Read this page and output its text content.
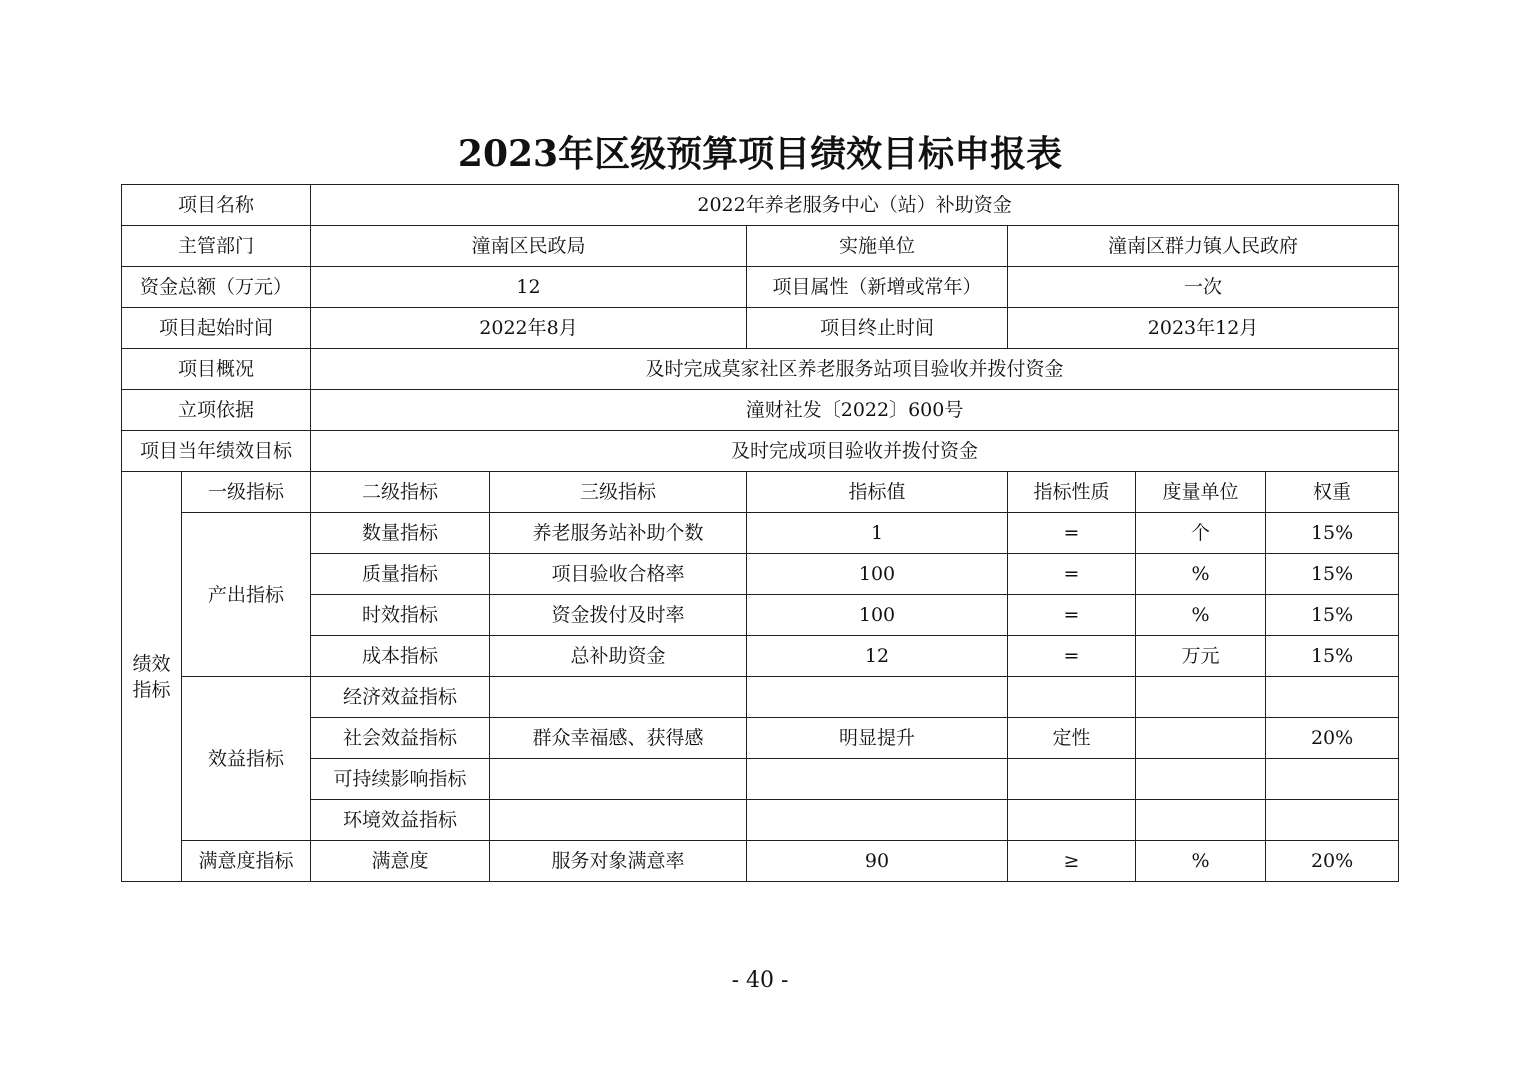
2023年区级预算项目绩效目标申报表
项目名称		2022年养老服务中心（站）补助资金					
主管部门		潼南区民政局		实施单位	潼南区群力镇人民政府		
资金总额（万元）		12		项目属性（新增或常年）	一次		
项目起始时间		2022年8月		项目终止时间	2023年12月		
项目概况		及时完成莫家社区养老服务站项目验收并拨付资金					
立项依据		潼财社发〔2022〕600号					
项目当年绩效目标		及时完成项目验收并拨付资金					

绩效指标	一级指标	二级指标	三级指标	指标值	指标性质	度量单位	权重
	产出指标	数量指标	养老服务站补助个数	1	=	个	15%
		质量指标	项目验收合格率	100	=	%	15%
		时效指标	资金拨付及时率	100	=	%	15%
		成本指标	总补助资金	12	=	万元	15%
	效益指标	经济效益指标					
		社会效益指标	群众幸福感、获得感	明显提升	定性		20%
		可持续影响指标					
		环境效益指标					
	满意度指标	满意度	服务对象满意率	90	≥	%	20%
- 40 -
